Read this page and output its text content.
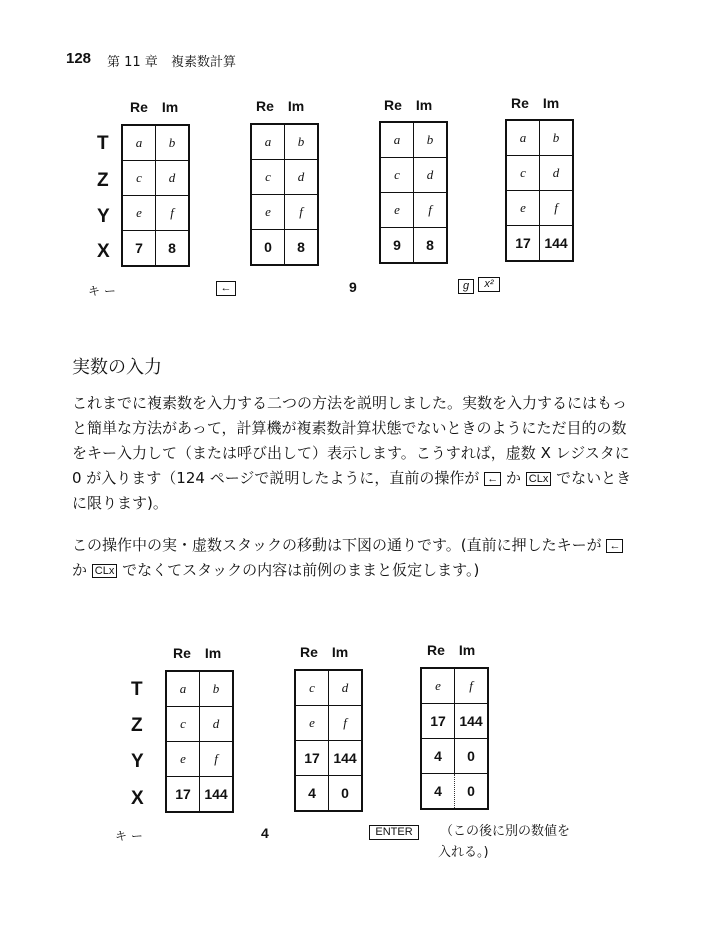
128 第 11 章 複素数計算
Re Im	Re Im	Re Im	Re Im
T
Z
Y
X
a	b
c	d
e	f
7	8
a	b
c	d
e	f
0	8
a	b
c	d
e	f
9	8
a	b
c	d
e	f
17	144
キ ー	←	9	g	x²
実数の入力
これまでに複素数を入力する二つの方法を説明しました。実数を入力するにはもっと簡単な方法があって，計算機が複素数計算状態でないときのようにただ目的の数をキー入力して（または呼び出して）表示します。こうすれば，虚数 X レジスタに 0 が入ります（124 ページで説明したように，直前の操作が ← か CLx でないときに限ります)。
この操作中の実・虚数スタックの移動は下図の通りです。(直前に押したキーが ← か CLx でなくてスタックの内容は前例のままと仮定します。)
Re Im	Re Im	Re Im
T
Z
Y
X
a	b
c	d
e	f
17	144
c	d
e	f
17	144
4	0
e	f
17	144
4	0
4	0
キ ー	4	ENTER	（この後に別の数値を
入れる。)
